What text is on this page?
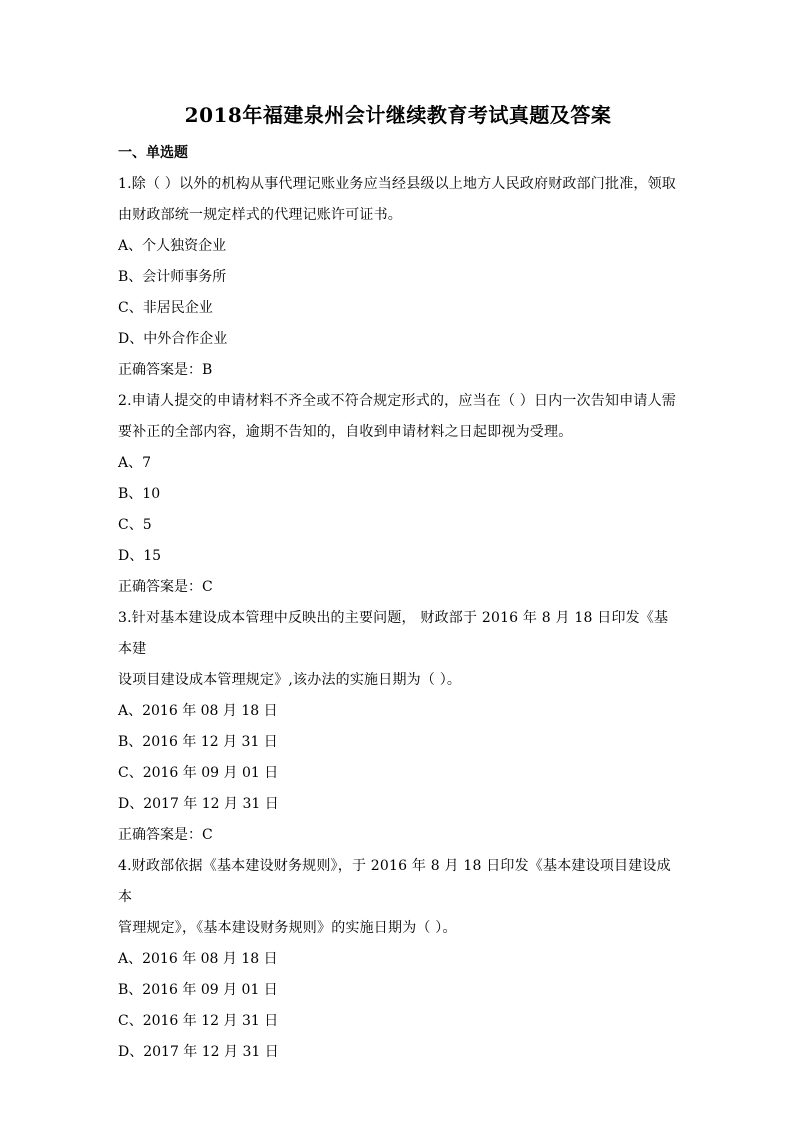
2018年福建泉州会计继续教育考试真题及答案

一、单选题

1.除（ ）以外的机构从事代理记账业务应当经县级以上地方人民政府财政部门批准，领取

由财政部统一规定样式的代理记账许可证书。

A、个人独资企业

B、会计师事务所

C、非居民企业

D、中外合作企业

正确答案是：B

2.申请人提交的申请材料不齐全或不符合规定形式的，应当在（ ）日内一次告知申请人需

要补正的全部内容，逾期不告知的，自收到申请材料之日起即视为受理。

A、7

B、10

C、5

D、15

正确答案是：C

3.针对基本建设成本管理中反映出的主要问题， 财政部于 2016 年 8 月 18 日印发《基本建

设项目建设成本管理规定》,该办法的实施日期为（ ）。

A、2016 年 08 月 18 日

B、2016 年 12 月 31 日

C、2016 年 09 月 01 日

D、2017 年 12 月 31 日

正确答案是：C

4.财政部依据《基本建设财务规则》，于 2016 年 8 月 18 日印发《基本建设项目建设成本

管理规定》，《基本建设财务规则》的实施日期为（ ）。

A、2016 年 08 月 18 日

B、2016 年 09 月 01 日

C、2016 年 12 月 31 日

D、2017 年 12 月 31 日
